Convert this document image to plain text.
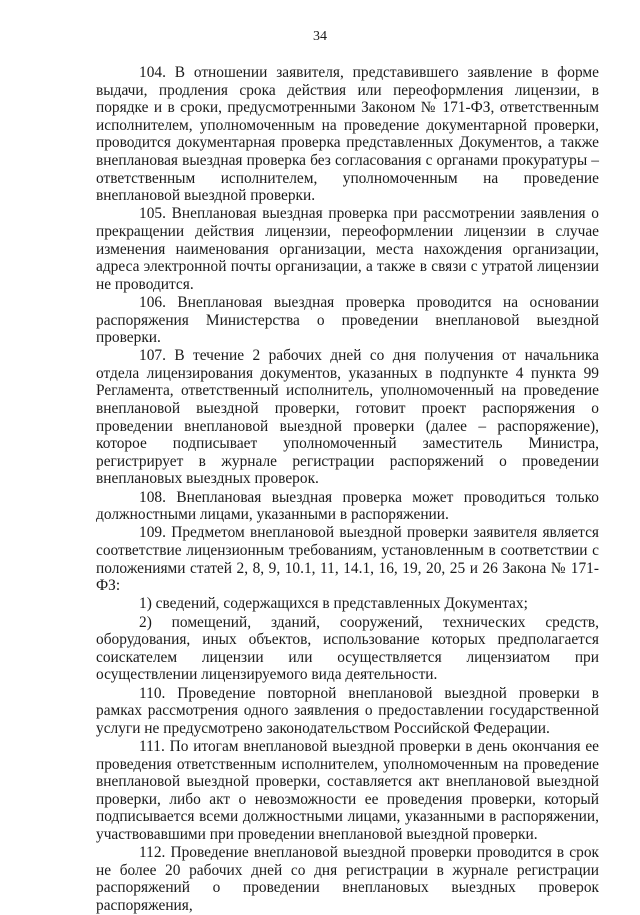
34

104. В отношении заявителя, представившего заявление в форме выдачи, продления срока действия или переоформления лицензии, в порядке и в сроки, предусмотренными Законом № 171-ФЗ, ответственным исполнителем, уполномоченным на проведение документарной проверки, проводится документарная проверка представленных Документов, а также внеплановая выездная проверка без согласования с органами прокуратуры – ответственным исполнителем, уполномоченным на проведение внеплановой выездной проверки.

105. Внеплановая выездная проверка при рассмотрении заявления о прекращении действия лицензии, переоформлении лицензии в случае изменения наименования организации, места нахождения организации, адреса электронной почты организации, а также в связи с утратой лицензии не проводится.

106. Внеплановая выездная проверка проводится на основании распоряжения Министерства о проведении внеплановой выездной проверки.

107. В течение 2 рабочих дней со дня получения от начальника отдела лицензирования документов, указанных в подпункте 4 пункта 99 Регламента, ответственный исполнитель, уполномоченный на проведение внеплановой выездной проверки, готовит проект распоряжения о проведении внеплановой выездной проверки (далее – распоряжение), которое подписывает уполномоченный заместитель Министра, регистрирует в журнале регистрации распоряжений о проведении внеплановых выездных проверок.

108. Внеплановая выездная проверка может проводиться только должностными лицами, указанными в распоряжении.

109. Предметом внеплановой выездной проверки заявителя является соответствие лицензионным требованиям, установленным в соответствии с положениями статей 2, 8, 9, 10.1, 11, 14.1, 16, 19, 20, 25 и 26 Закона № 171-ФЗ:

1) сведений, содержащихся в представленных Документах;

2) помещений, зданий, сооружений, технических средств, оборудования, иных объектов, использование которых предполагается соискателем лицензии или осуществляется лицензиатом при осуществлении лицензируемого вида деятельности.

110. Проведение повторной внеплановой выездной проверки в рамках рассмотрения одного заявления о предоставлении государственной услуги не предусмотрено законодательством Российской Федерации.

111. По итогам внеплановой выездной проверки в день окончания ее проведения ответственным исполнителем, уполномоченным на проведение внеплановой выездной проверки, составляется акт внеплановой выездной проверки, либо акт о невозможности ее проведения проверки, который подписывается всеми должностными лицами, указанными в распоряжении, участвовавшими при проведении внеплановой выездной проверки.

112. Проведение внеплановой выездной проверки проводится в срок не более 20 рабочих дней со дня регистрации в журнале регистрации распоряжений о проведении внеплановых выездных проверок распоряжения,
